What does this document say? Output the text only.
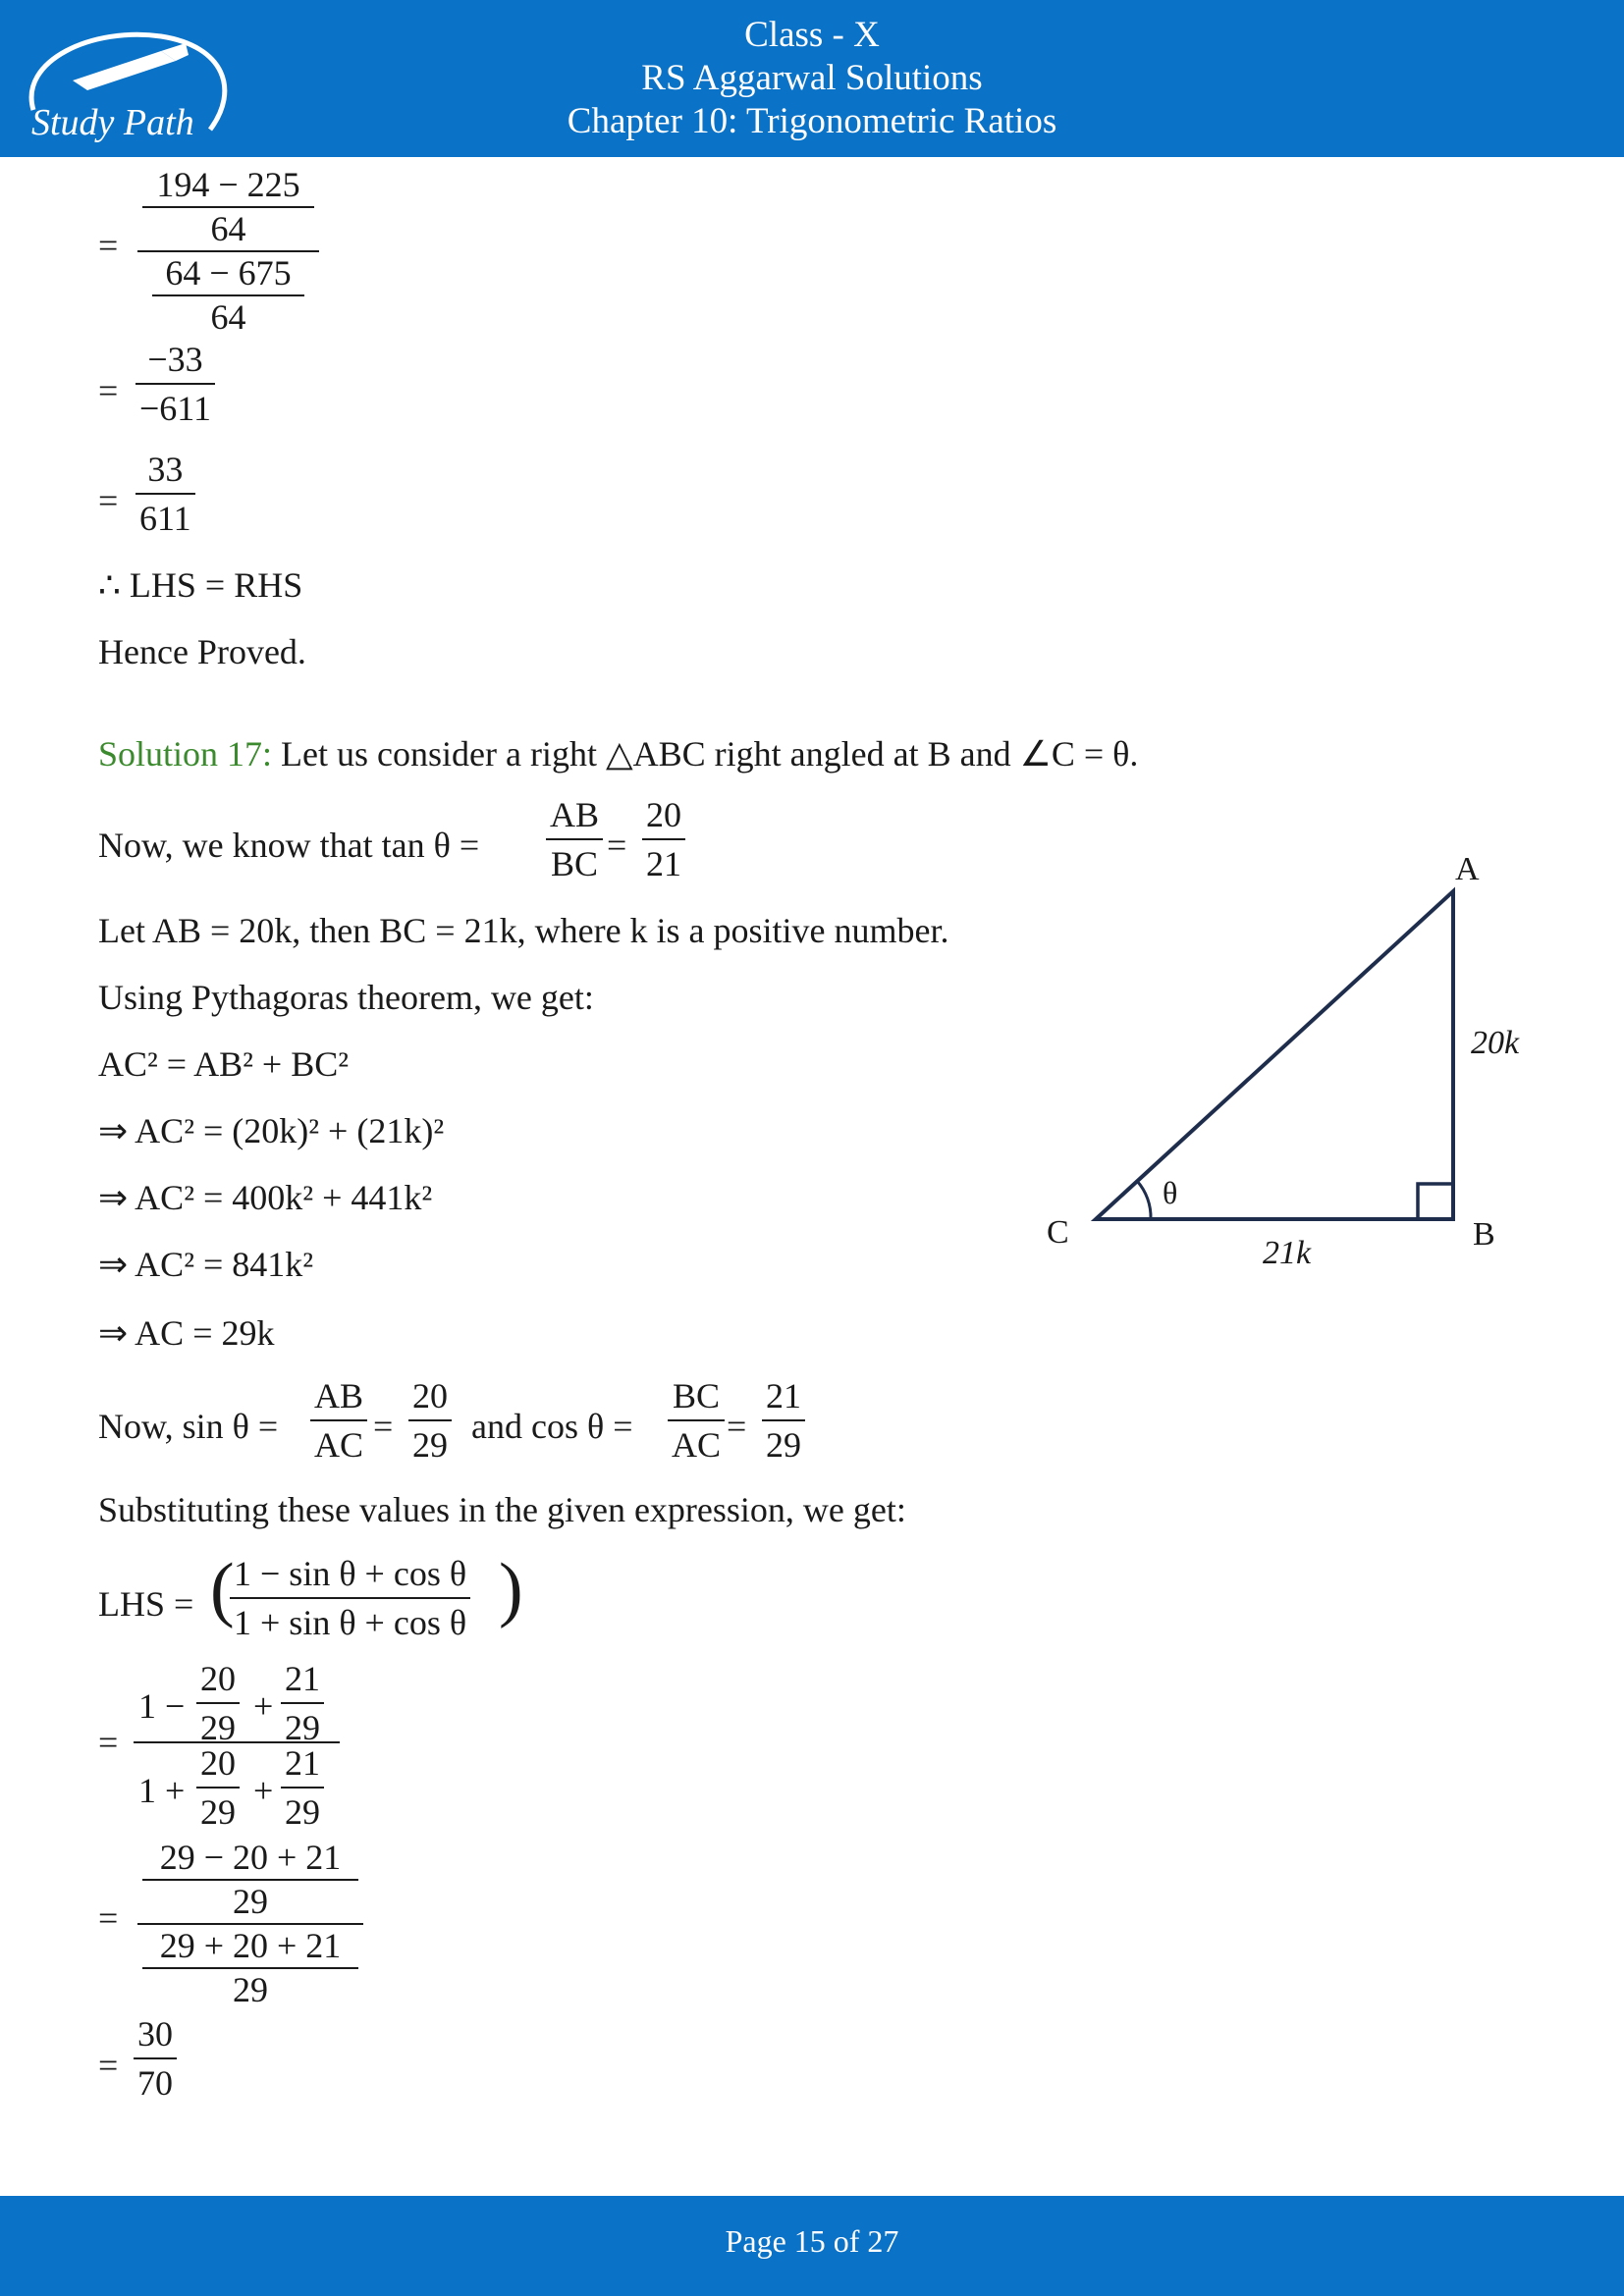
Study Path
Class - X
RS Aggarwal Solutions
Chapter 10: Trigonometric Ratios
=
194 − 225
64
64 − 675
64
= $\frac{-33}{-611}$
= $\frac{33}{611}$
∴ LHS = RHS
Hence Proved.
Solution 17: Let us consider a right △ABC right angled at B and ∠C = θ.
Now, we know that $\tan \theta = \frac{AB}{BC} = \frac{20}{21}$
Let AB = 20k, then BC = 21k, where k is a positive number.
Using Pythagoras theorem, we get:
AC² = AB² + BC²
⇒ AC² = (20k)² + (21k)²
⇒ AC² = 400k² + 441k²
⇒ AC² = 841k²
⇒ AC = 29k
Now, $\sin \theta = \frac{AB}{AC} = \frac{20}{29}$ and $\cos \theta = \frac{BC}{AC} = \frac{21}{29}$
Substituting these values in the given expression, we get:
LHS = (
$\frac{\text{1 − sin θ + cos θ}}{\text{1 + sin θ + cos θ}}$ )
=
$1 - \frac{20}{29} + \frac{21}{29}$
$1 + \frac{20}{29} + \frac{21}{29}$
=
29 − 20 + 21
29
29 + 20 + 21
29
= $\frac{30}{70}$
A
B
C
θ
20k
21k
Page 15 of 27
